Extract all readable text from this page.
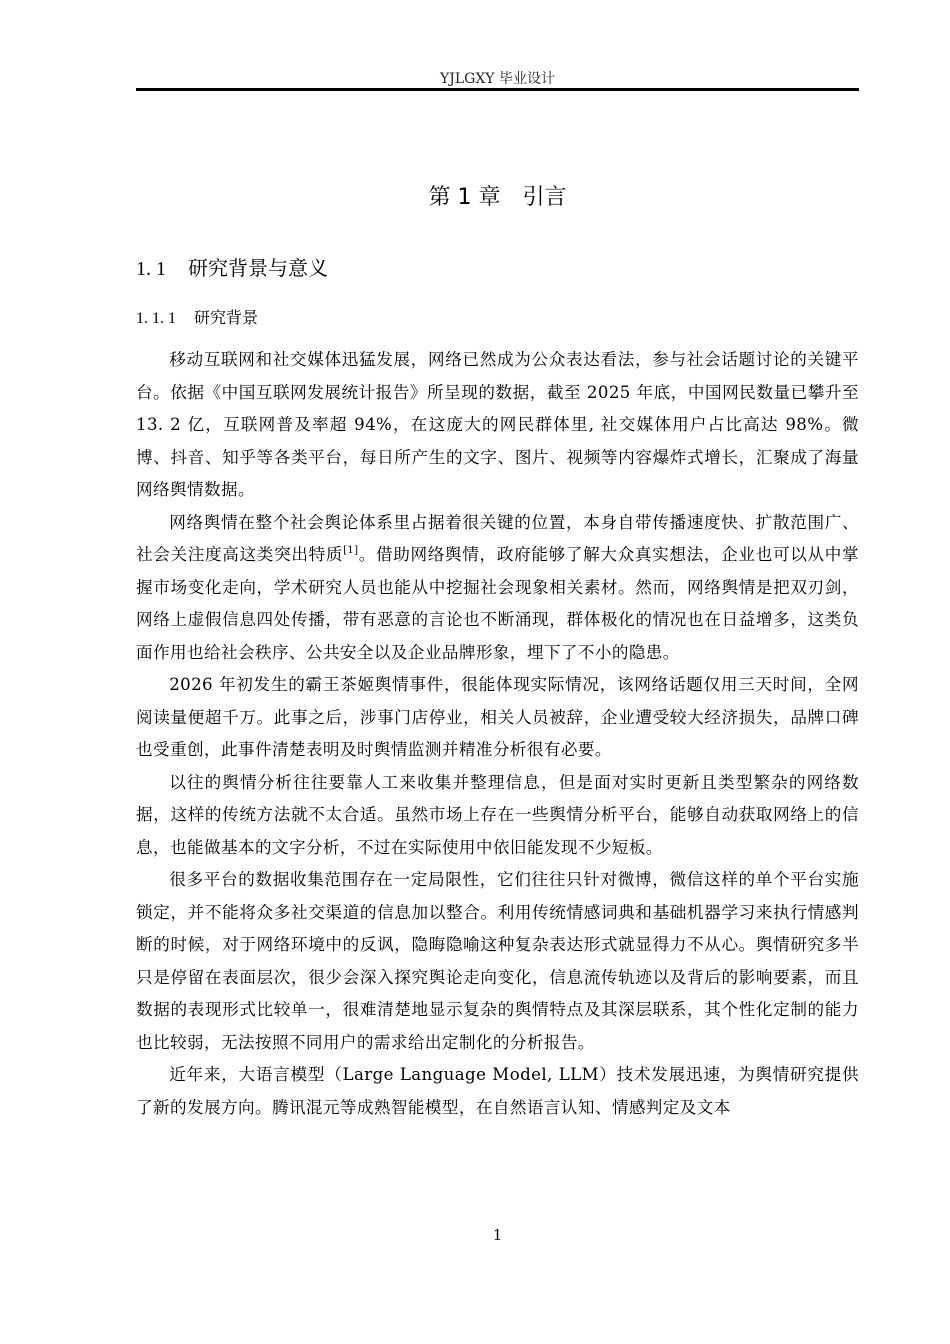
YJLGXY 毕业设计
第 1 章 引言
1. 1 研究背景与意义
1. 1. 1 研究背景

移动互联网和社交媒体迅猛发展，网络已然成为公众表达看法，参与社会话题讨论的关键平台。依据《中国互联网发展统计报告》所呈现的数据，截至 2025 年底，中国网民数量已攀升至 13. 2 亿，互联网普及率超 94%，在这庞大的网民群体里, 社交媒体用户占比高达 98%。微博、抖音、知乎等各类平台，每日所产生的文字、图片、视频等内容爆炸式增长，汇聚成了海量网络舆情数据。

网络舆情在整个社会舆论体系里占据着很关键的位置，本身自带传播速度快、扩散范围广、社会关注度高这类突出特质[1]。借助网络舆情，政府能够了解大众真实想法，企业也可以从中掌握市场变化走向，学术研究人员也能从中挖掘社会现象相关素材。然而，网络舆情是把双刃剑，网络上虚假信息四处传播，带有恶意的言论也不断涌现，群体极化的情况也在日益增多，这类负面作用也给社会秩序、公共安全以及企业品牌形象，埋下了不小的隐患。

2026 年初发生的霸王茶姬舆情事件，很能体现实际情况，该网络话题仅用三天时间，全网阅读量便超千万。此事之后，涉事门店停业，相关人员被辞，企业遭受较大经济损失，品牌口碑也受重创，此事件清楚表明及时舆情监测并精准分析很有必要。

以往的舆情分析往往要靠人工来收集并整理信息，但是面对实时更新且类型繁杂的网络数据，这样的传统方法就不太合适。虽然市场上存在一些舆情分析平台，能够自动获取网络上的信息，也能做基本的文字分析，不过在实际使用中依旧能发现不少短板。

很多平台的数据收集范围存在一定局限性，它们往往只针对微博，微信这样的单个平台实施锁定，并不能将众多社交渠道的信息加以整合。利用传统情感词典和基础机器学习来执行情感判断的时候，对于网络环境中的反讽，隐晦隐喻这种复杂表达形式就显得力不从心。舆情研究多半只是停留在表面层次，很少会深入探究舆论走向变化，信息流传轨迹以及背后的影响要素，而且数据的表现形式比较单一，很难清楚地显示复杂的舆情特点及其深层联系，其个性化定制的能力也比较弱，无法按照不同用户的需求给出定制化的分析报告。

近年来，大语言模型（Large Language Model, LLM）技术发展迅速，为舆情研究提供了新的发展方向。腾讯混元等成熟智能模型，在自然语言认知、情感判定及文本

1
